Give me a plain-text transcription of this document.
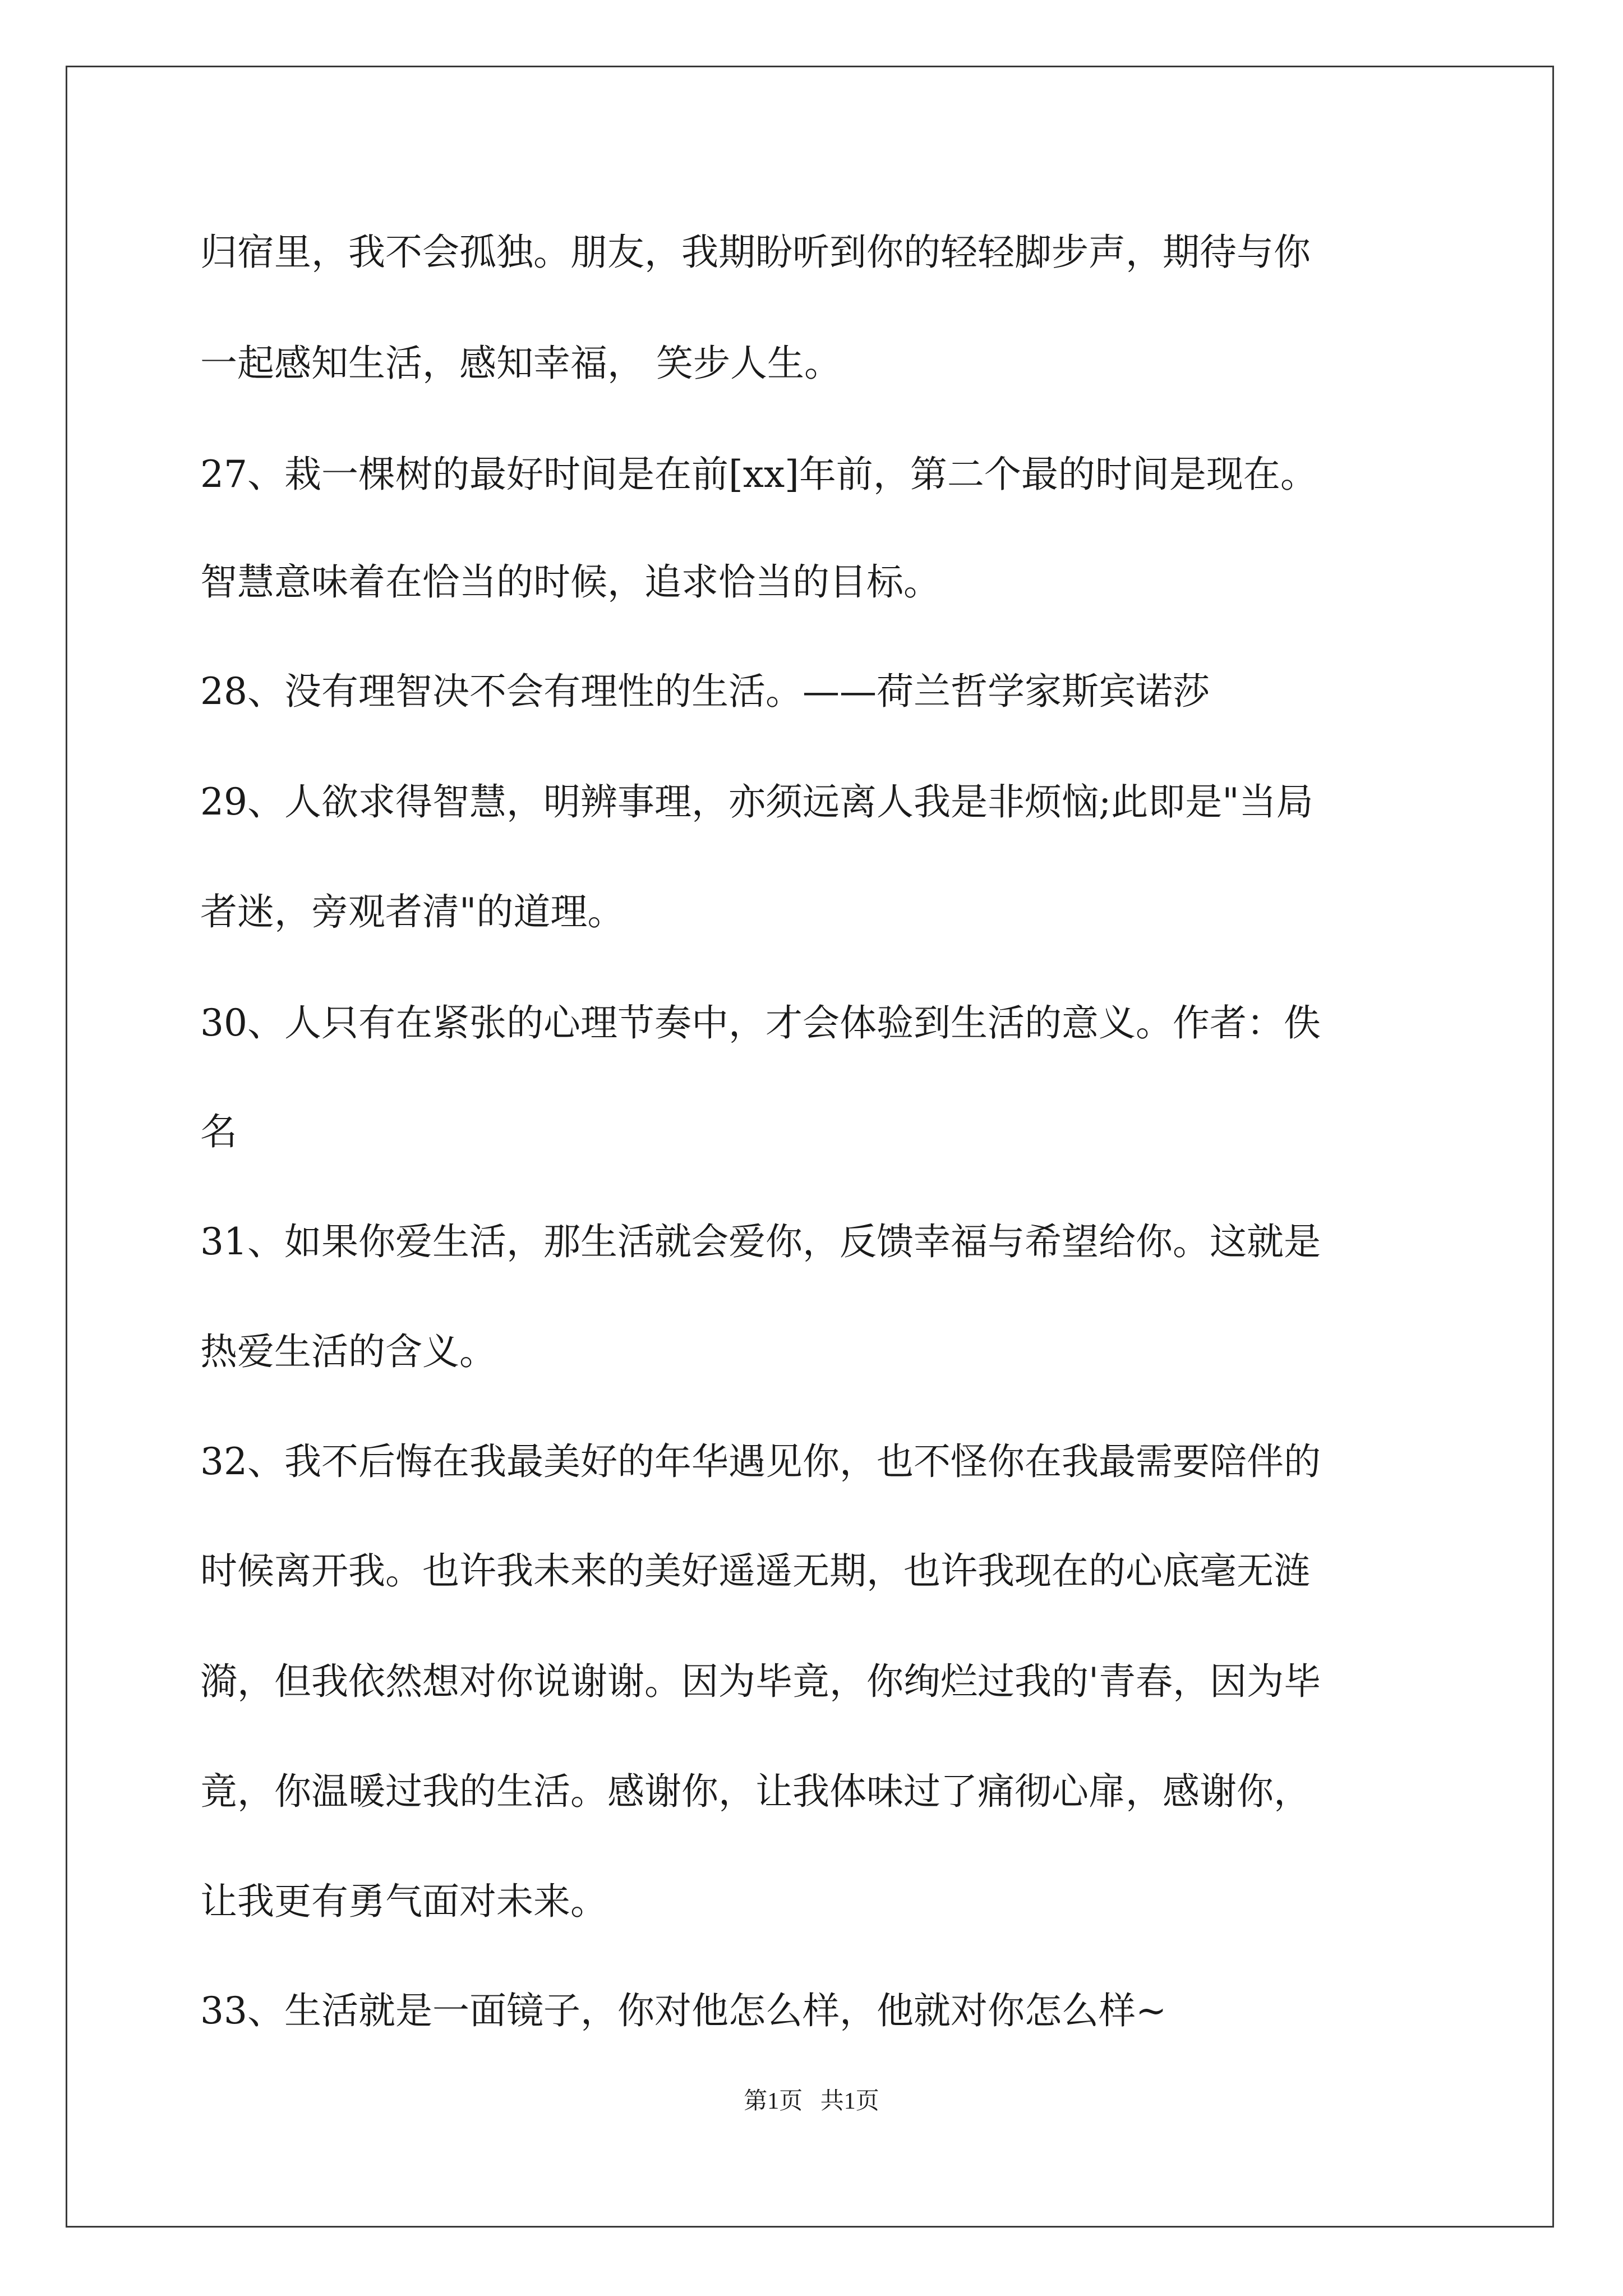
归宿里，我不会孤独。朋友，我期盼听到你的轻轻脚步声，期待与你
一起感知生活，感知幸福， 笑步人生。
27、栽一棵树的最好时间是在前[xx]年前，第二个最的时间是现在。
智慧意味着在恰当的时候，追求恰当的目标。
28、没有理智决不会有理性的生活。——荷兰哲学家斯宾诺莎
29、人欲求得智慧，明辨事理，亦须远离人我是非烦恼;此即是"当局
者迷，旁观者清"的道理。
30、人只有在紧张的心理节奏中，才会体验到生活的意义。作者：佚
名
31、如果你爱生活，那生活就会爱你，反馈幸福与希望给你。这就是
热爱生活的含义。
32、我不后悔在我最美好的年华遇见你，也不怪你在我最需要陪伴的
时候离开我。也许我未来的美好遥遥无期，也许我现在的心底毫无涟
漪，但我依然想对你说谢谢。因为毕竟，你绚烂过我的'青春，因为毕
竟，你温暖过我的生活。感谢你，让我体味过了痛彻心扉，感谢你，
让我更有勇气面对未来。
33、生活就是一面镜子，你对他怎么样，他就对你怎么样~
第1页 共1页
